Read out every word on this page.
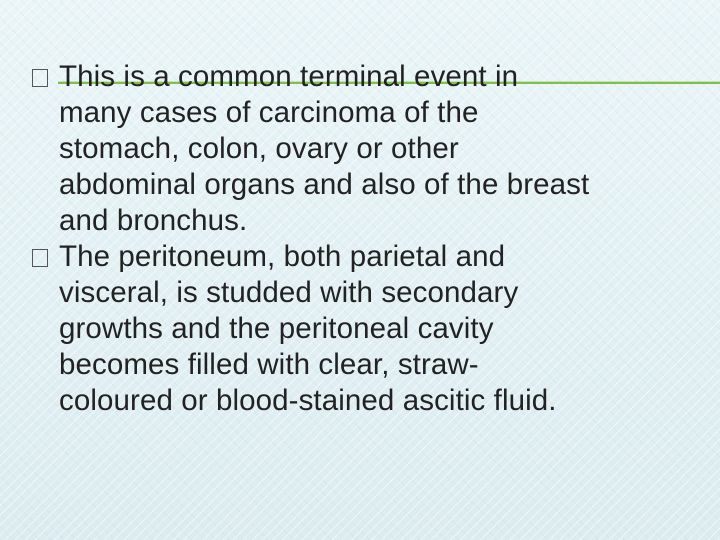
This is a common terminal event in
many cases of carcinoma of the
stomach, colon, ovary or other
abdominal organs and also of the breast
and bronchus.
The peritoneum, both parietal and
visceral, is studded with secondary
growths and the peritoneal cavity
becomes filled with clear, straw-
coloured or blood-stained ascitic fluid.
